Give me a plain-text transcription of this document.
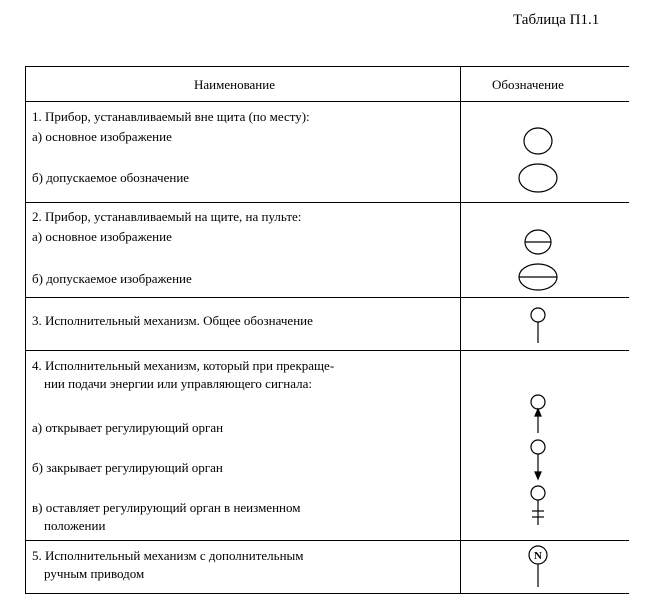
Таблица П1.1
Наименование	Обозначение
1. Прибор, устанавливаемый вне щита (по месту):
а) основное изображение
б) допускаемое обозначение
2. Прибор, устанавливаемый на щите, на пульте:
а) основное изображение
б) допускаемое изображение
3. Исполнительный механизм. Общее обозначение
4. Исполнительный механизм, который при прекраще-
нии подачи энергии или управляющего сигнала:
а) открывает регулирующий орган
б) закрывает регулирующий орган
в) оставляет регулирующий орган в неизменном
положении
5. Исполнительный механизм с дополнительным
ручным приводом
N
